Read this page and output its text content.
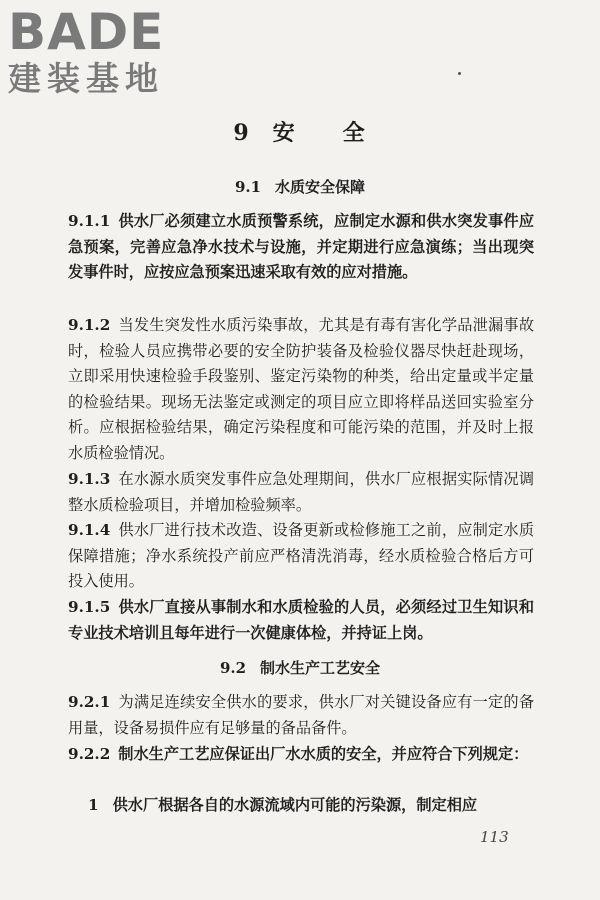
BADE
建装基地
9 安 全
9.1 水质安全保障
9.1.1 供水厂必须建立水质预警系统，应制定水源和供水突发事件应急预案，完善应急净水技术与设施，并定期进行应急演练；当出现突发事件时，应按应急预案迅速采取有效的应对措施。
9.1.2 当发生突发性水质污染事故，尤其是有毒有害化学品泄漏事故时，检验人员应携带必要的安全防护装备及检验仪器尽快赶赴现场，立即采用快速检验手段鉴别、鉴定污染物的种类，给出定量或半定量的检验结果。现场无法鉴定或测定的项目应立即将样品送回实验室分析。应根据检验结果，确定污染程度和可能污染的范围，并及时上报水质检验情况。
9.1.3 在水源水质突发事件应急处理期间，供水厂应根据实际情况调整水质检验项目，并增加检验频率。
9.1.4 供水厂进行技术改造、设备更新或检修施工之前，应制定水质保障措施；净水系统投产前应严格清洗消毒，经水质检验合格后方可投入使用。
9.1.5 供水厂直接从事制水和水质检验的人员，必须经过卫生知识和专业技术培训且每年进行一次健康体检，并持证上岗。
9.2 制水生产工艺安全
9.2.1 为满足连续安全供水的要求，供水厂对关键设备应有一定的备用量，设备易损件应有足够量的备品备件。
9.2.2 制水生产工艺应保证出厂水水质的安全，并应符合下列规定：
1 供水厂根据各自的水源流域内可能的污染源，制定相应
113
